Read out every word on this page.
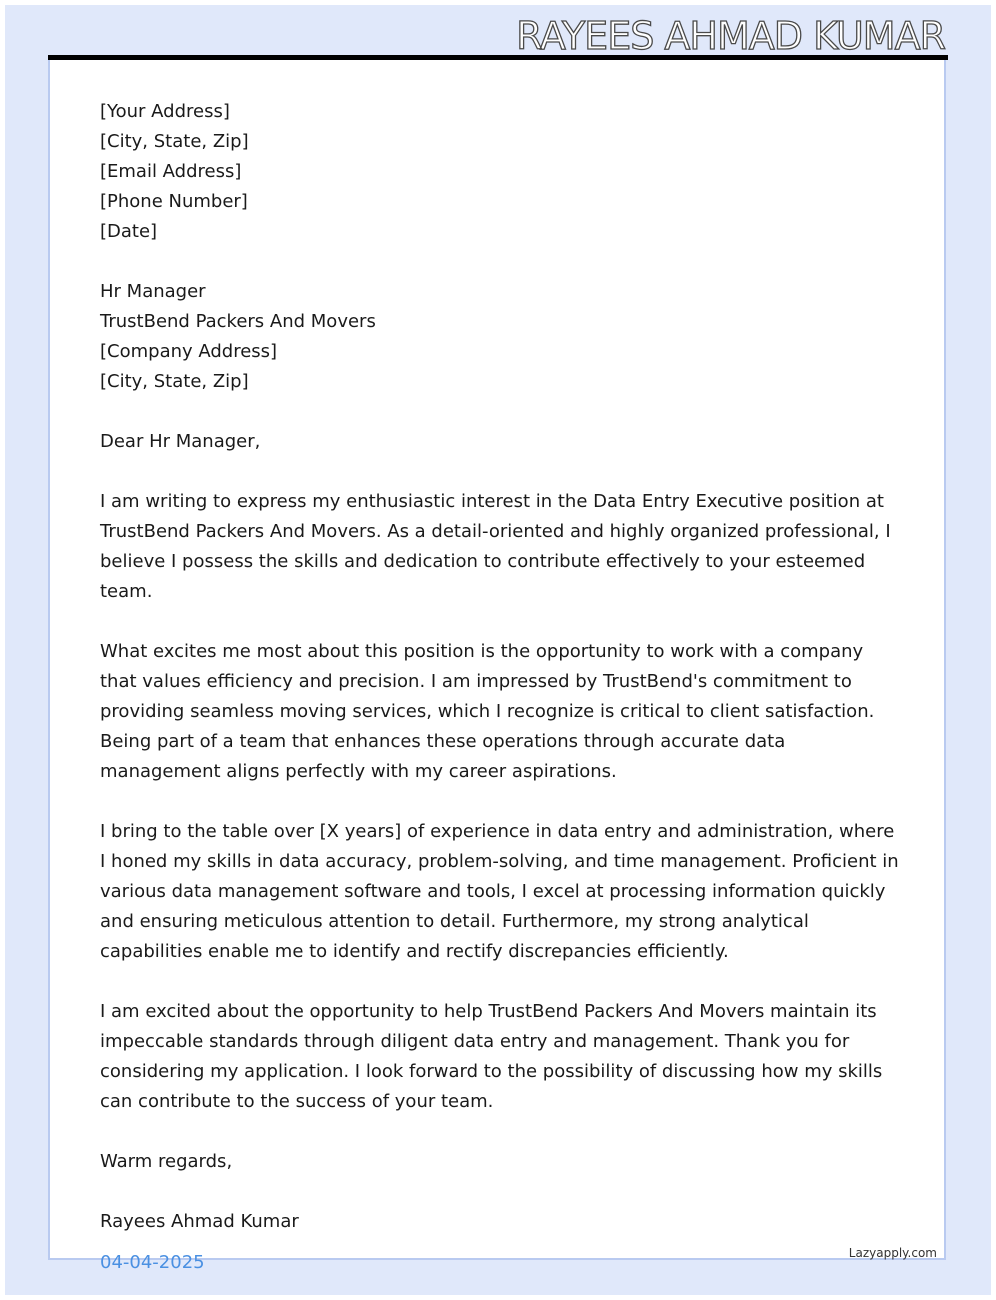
RAYEES AHMAD KUMAR
[Your Address]
[City, State, Zip]
[Email Address]
[Phone Number]
[Date]
Hr Manager
TrustBend Packers And Movers
[Company Address]
[City, State, Zip]
Dear Hr Manager,

I am writing to express my enthusiastic interest in the Data Entry Executive position at TrustBend Packers And Movers. As a detail-oriented and highly organized professional, I believe I possess the skills and dedication to contribute effectively to your esteemed team.

What excites me most about this position is the opportunity to work with a company that values efficiency and precision. I am impressed by TrustBend's commitment to providing seamless moving services, which I recognize is critical to client satisfaction. Being part of a team that enhances these operations through accurate data management aligns perfectly with my career aspirations.

I bring to the table over [X years] of experience in data entry and administration, where I honed my skills in data accuracy, problem-solving, and time management. Proficient in various data management software and tools, I excel at processing information quickly and ensuring meticulous attention to detail. Furthermore, my strong analytical capabilities enable me to identify and rectify discrepancies efficiently.

I am excited about the opportunity to help TrustBend Packers And Movers maintain its impeccable standards through diligent data entry and management. Thank you for considering my application. I look forward to the possibility of discussing how my skills can contribute to the success of your team.

Warm regards,
Rayees Ahmad Kumar
04-04-2025	Lazyapply.com
